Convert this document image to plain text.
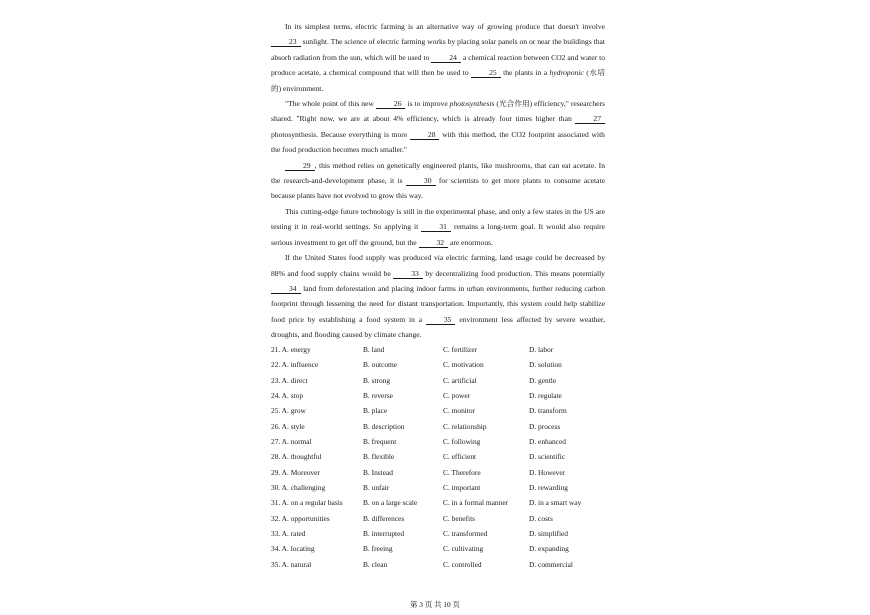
In its simplest terms, electric farming is an alternative way of growing produce that doesn't involve 23 sunlight. The science of electric farming works by placing solar panels on or near the buildings that absorb radiation from the sun, which will be used to 24 a chemical reaction between CO2 and water to produce acetate, a chemical compound that will then be used to 25 the plants in a hydroponic (水培的) environment.

"The whole point of this new 26 is to improve photosynthesis (光合作用) efficiency," researchers shared. "Right now, we are at about 4% efficiency, which is already four times higher than 27 photosynthesis. Because everything is more 28 with this method, the CO2 footprint associated with the food production becomes much smaller."

29 , this method relies on genetically engineered plants, like mushrooms, that can eat acetate. In the research-and-development phase, it is 30 for scientists to get more plants to consume acetate because plants have not evolved to grow this way.

This cutting-edge future technology is still in the experimental phase, and only a few states in the US are testing it in real-world settings. So applying it 31 remains a long-term goal. It would also require serious investment to get off the ground, but the 32 are enormous.

If the United States food supply was produced via electric farming, land usage could be decreased by 88% and food supply chains would be 33 by decentralizing food production. This means potentially 34 land from deforestation and placing indoor farms in urban environments, further reducing carbon footprint through lessening the need for distant transportation. Importantly, this system could help stabilize food price by establishing a food system in a 35 environment less affected by severe weather, droughts, and flooding caused by climate change.

21. A. energy	B. land	C. fertilizer	D. labor
22. A. influence	B. outcome	C. motivation	D. solution
23. A. direct	B. strong	C. artificial	D. gentle
24. A. stop	B. reverse	C. power	D. regulate
25. A. grow	B. place	C. monitor	D. transform
26. A. style	B. description	C. relationship	D. process
27. A. normal	B. frequent	C. following	D. enhanced
28. A. thoughtful	B. flexible	C. efficient	D. scientific
29. A. Moreover	B. Instead	C. Therefore	D. However
30. A. challenging	B. unfair	C. important	D. rewarding
31. A. on a regular basis	B. on a large scale	C. in a formal manner	D. in a smart way
32. A. opportunities	B. differences	C. benefits	D. costs
33. A. rated	B. interrupted	C. transformed	D. simplified
34. A. locating	B. freeing	C. cultivating	D. expanding
35. A. natural	B. clean	C. controlled	D. commercial
第 3 页 共 10 页
